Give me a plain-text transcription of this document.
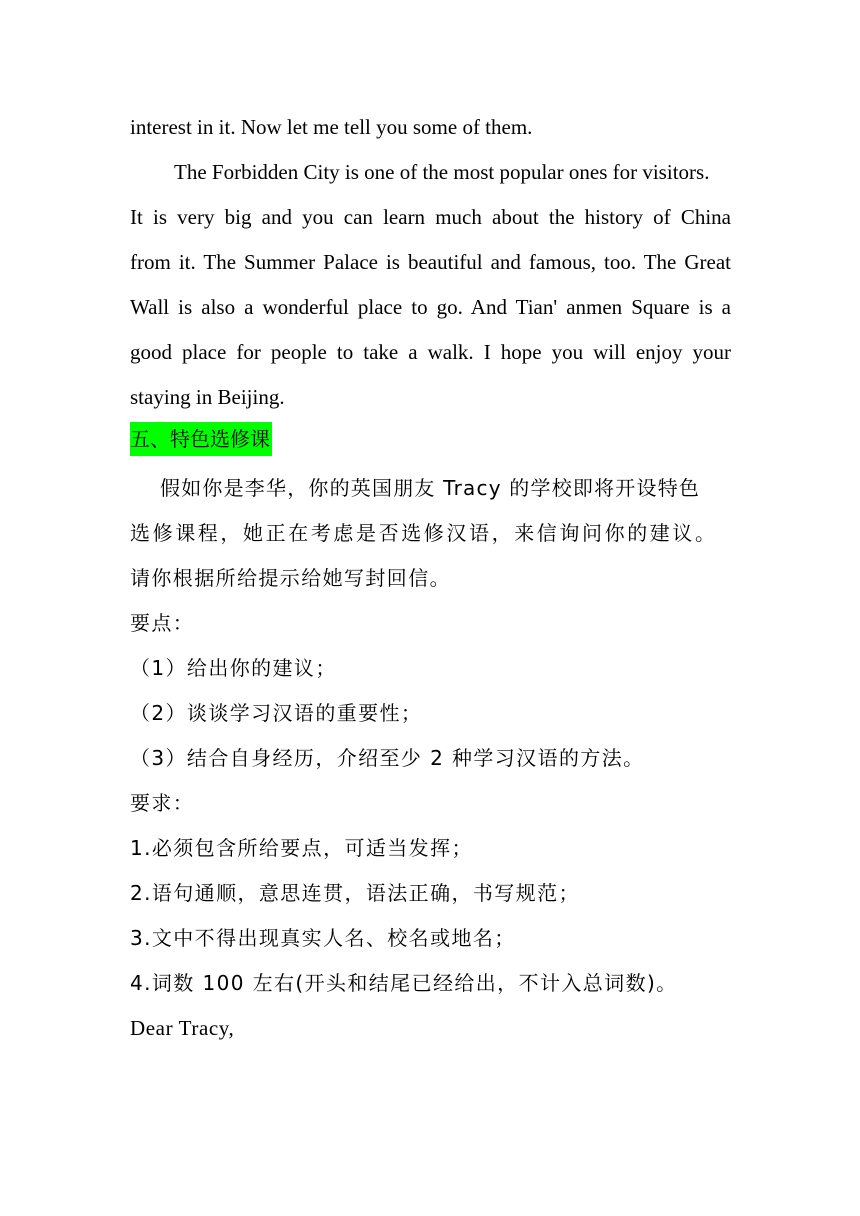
interest in it. Now let me tell you some of them.
The Forbidden City is one of the most popular ones for visitors.
It is very big and you can learn much about the history of China
from it. The Summer Palace is beautiful and famous, too. The Great
Wall is also a wonderful place to go. And Tian' anmen Square is a
good place for people to take a walk. I hope you will enjoy your
staying in Beijing.
五、特色选修课
假如你是李华，你的英国朋友 Tracy 的学校即将开设特色
选修课程，她正在考虑是否选修汉语，来信询问你的建议。
请你根据所给提示给她写封回信。
要点：
（1）给出你的建议；
（2）谈谈学习汉语的重要性；
（3）结合自身经历，介绍至少 2 种学习汉语的方法。
要求：
1.必须包含所给要点，可适当发挥；
2.语句通顺，意思连贯，语法正确，书写规范；
3.文中不得出现真实人名、校名或地名；
4.词数 100 左右(开头和结尾已经给出，不计入总词数)。
Dear Tracy,
